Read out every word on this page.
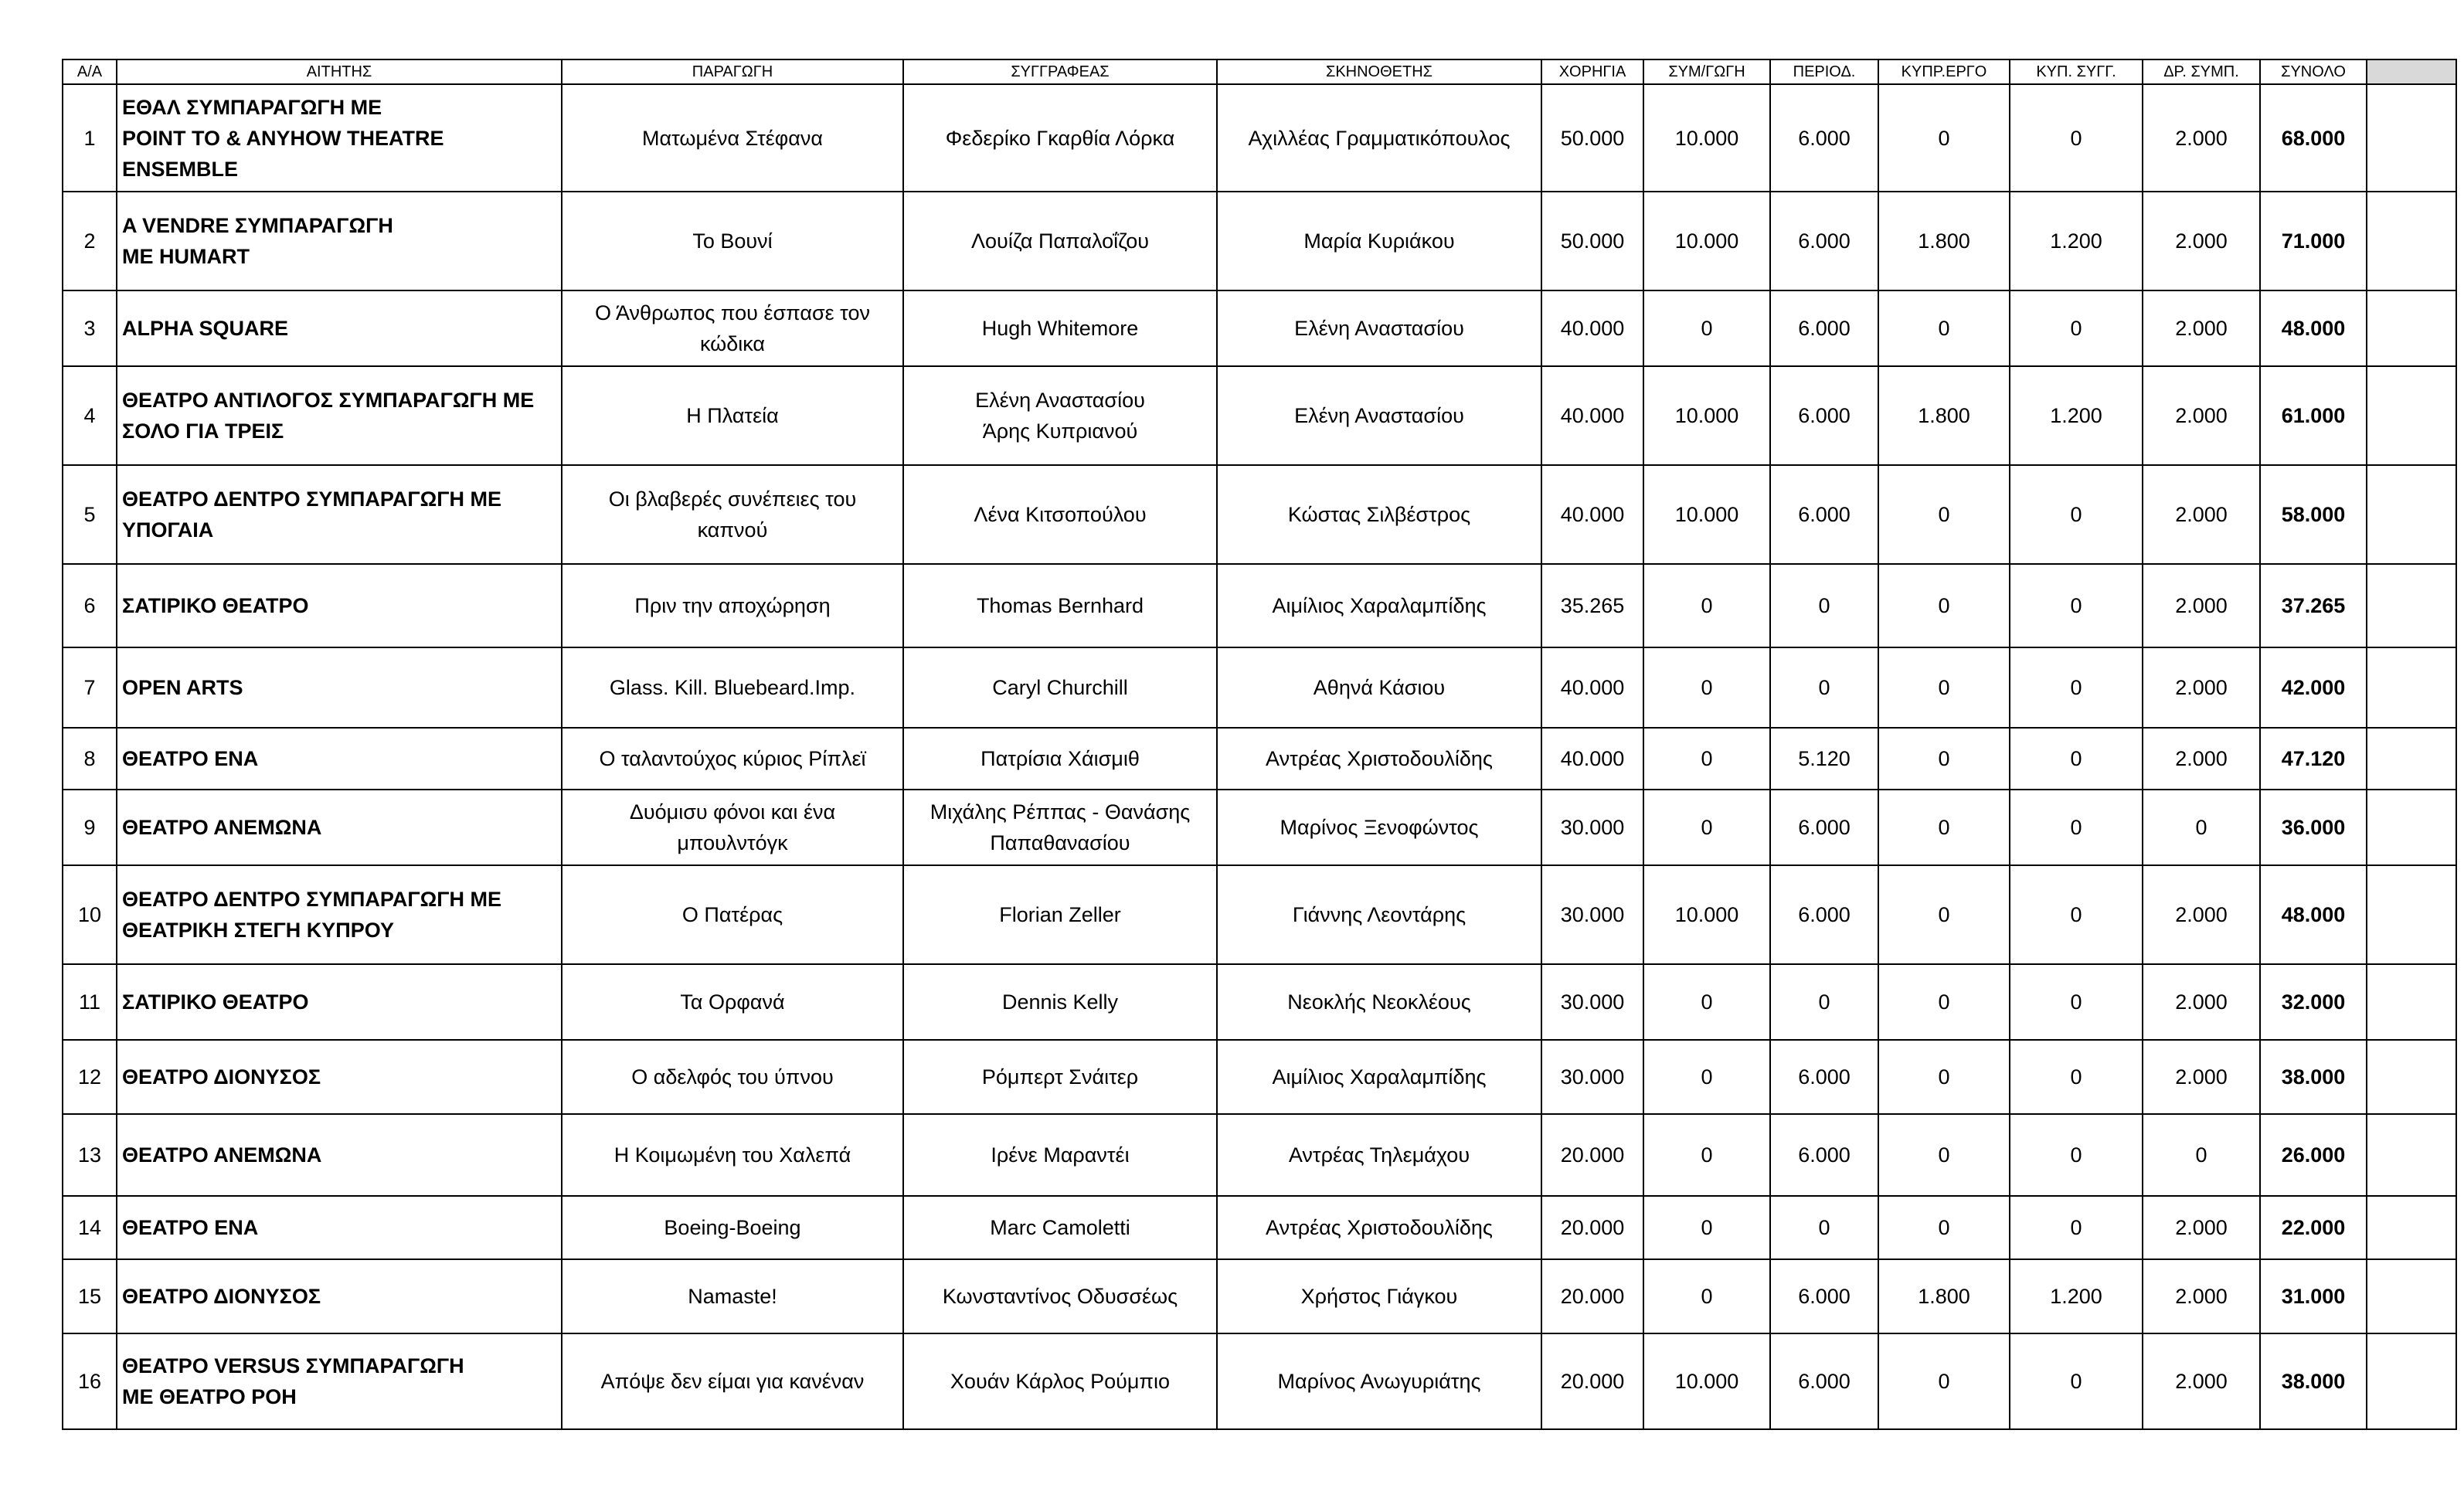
Α/Α	ΑΙΤΗΤΗΣ	ΠΑΡΑΓΩΓΗ	ΣΥΓΓΡΑΦΕΑΣ	ΣΚΗΝΟΘΕΤΗΣ	ΧΟΡΗΓΙΑ	ΣΥΜ/ΓΩΓΗ	ΠΕΡΙΟΔ.	ΚΥΠΡ.ΕΡΓΟ	ΚΥΠ. ΣΥΓΓ.	ΔΡ. ΣΥΜΠ.	ΣΥΝΟΛΟ	
1	ΕΘΑΛ ΣΥΜΠΑΡΑΓΩΓΗ ΜΕ
POINT TO & ANYHOW THEATRE
ENSEMBLE	Ματωμένα Στέφανα	Φεδερίκο Γκαρθία Λόρκα	Αχιλλέας Γραμματικόπουλος	50.000	10.000	6.000	0	0	2.000	68.000	
2	A VENDRE ΣΥΜΠΑΡΑΓΩΓΗ
ΜΕ HUMART	Το Βουνί	Λουίζα Παπαλοΐζου	Μαρία Κυριάκου	50.000	10.000	6.000	1.800	1.200	2.000	71.000	
3	ALPHA SQUARE	Ο Άνθρωπος που έσπασε τον
κώδικα	Hugh Whitemore	Ελένη Αναστασίου	40.000	0	6.000	0	0	2.000	48.000	
4	ΘΕΑΤΡΟ ΑΝΤΙΛΟΓΟΣ ΣΥΜΠΑΡΑΓΩΓΗ ΜΕ
ΣΟΛΟ ΓΙΑ ΤΡΕΙΣ	Η Πλατεία	Ελένη Αναστασίου
Άρης Κυπριανού	Ελένη Αναστασίου	40.000	10.000	6.000	1.800	1.200	2.000	61.000	
5	ΘΕΑΤΡΟ ΔΕΝΤΡΟ ΣΥΜΠΑΡΑΓΩΓΗ ΜΕ
ΥΠΟΓΑΙΑ	Οι βλαβερές συνέπειες του
καπνού	Λένα Κιτσοπούλου	Κώστας Σιλβέστρος	40.000	10.000	6.000	0	0	2.000	58.000	
6	ΣΑΤΙΡΙΚΟ ΘΕΑΤΡΟ	Πριν την αποχώρηση	Thomas Bernhard	Αιμίλιος Χαραλαμπίδης	35.265	0	0	0	0	2.000	37.265	
7	OPEN ARTS	Glass. Kill. Bluebeard.Imp.	Caryl Churchill	Αθηνά Κάσιου	40.000	0	0	0	0	2.000	42.000	
8	ΘΕΑΤΡΟ ΕΝΑ	Ο ταλαντούχος κύριος Ρίπλεϊ	Πατρίσια Χάισμιθ	Αντρέας Χριστοδουλίδης	40.000	0	5.120	0	0	2.000	47.120	
9	ΘΕΑΤΡΟ ΑΝΕΜΩΝΑ	Δυόμισυ φόνοι και ένα
μπουλντόγκ	Μιχάλης Ρέππας - Θανάσης
Παπαθανασίου	Μαρίνος Ξενοφώντος	30.000	0	6.000	0	0	0	36.000	
10	ΘΕΑΤΡΟ ΔΕΝΤΡΟ ΣΥΜΠΑΡΑΓΩΓΗ ΜΕ
ΘΕΑΤΡΙΚΗ ΣΤΕΓΗ ΚΥΠΡΟΥ	Ο Πατέρας	Florian Zeller	Γιάννης Λεοντάρης	30.000	10.000	6.000	0	0	2.000	48.000	
11	ΣΑΤΙΡΙΚΟ ΘΕΑΤΡΟ	Τα Ορφανά	Dennis Kelly	Νεοκλής Νεοκλέους	30.000	0	0	0	0	2.000	32.000	
12	ΘΕΑΤΡΟ ΔΙΟΝΥΣΟΣ	Ο αδελφός του ύπνου	Ρόμπερτ Σνάιτερ	Αιμίλιος Χαραλαμπίδης	30.000	0	6.000	0	0	2.000	38.000	
13	ΘΕΑΤΡΟ ΑΝΕΜΩΝΑ	Η Κοιμωμένη του Χαλεπά	Ιρένε Μαραντέι	Αντρέας Τηλεμάχου	20.000	0	6.000	0	0	0	26.000	
14	ΘΕΑΤΡΟ ΕΝΑ	Boeing-Boeing	Marc Camoletti	Αντρέας Χριστοδουλίδης	20.000	0	0	0	0	2.000	22.000	
15	ΘΕΑΤΡΟ ΔΙΟΝΥΣΟΣ	Namaste!	Κωνσταντίνος Οδυσσέως	Χρήστος Γιάγκου	20.000	0	6.000	1.800	1.200	2.000	31.000	
16	ΘΕΑΤΡΟ VERSUS ΣΥΜΠΑΡΑΓΩΓΗ
ΜΕ ΘΕΑΤΡΟ ΡΟΗ	Απόψε δεν είμαι για κανέναν	Χουάν Κάρλος Ρούμπιο	Μαρίνος Ανωγυριάτης	20.000	10.000	6.000	0	0	2.000	38.000	
